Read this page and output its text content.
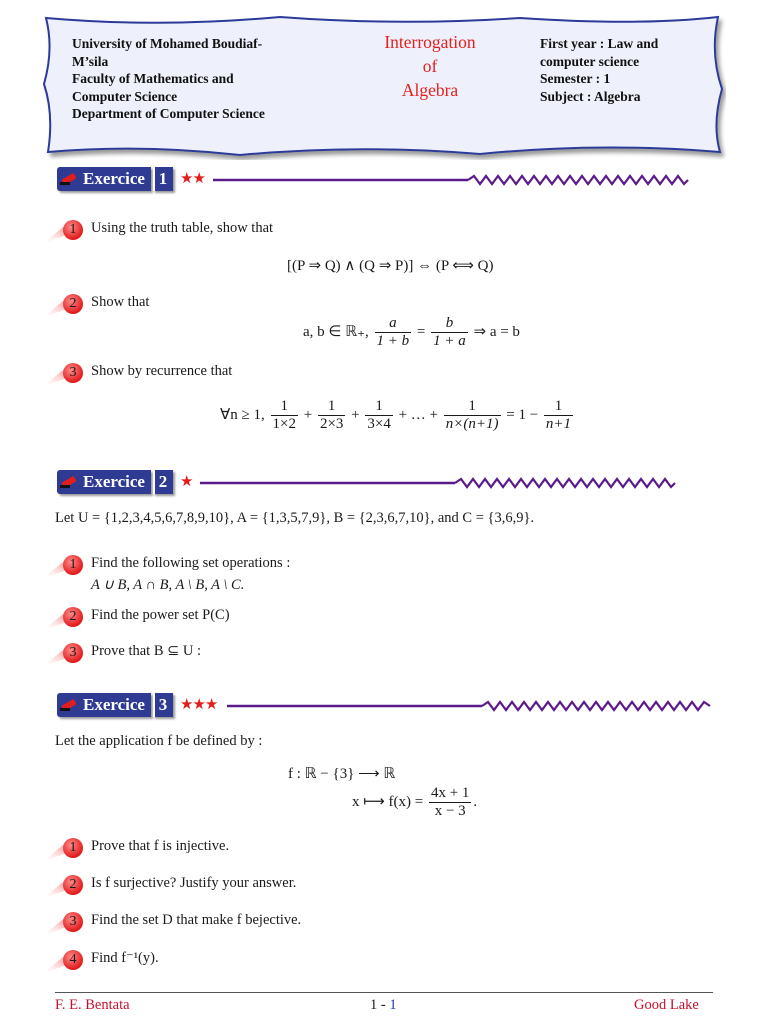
University of Mohamed Boudiaf-
M’sila
Faculty of Mathematics and
Computer Science
Department of Computer Science
Interrogation
of
Algebra
First year : Law and
computer science
Semester : 1
Subject : Algebra
Exercice 1 ★★
1	Using the truth table, show that
[(P ⇒ Q) ∧ (Q ⇒ P)] ⇔ (P ⟺ Q)
2	Show that
a, b ∈ ℝ₊, $\frac{a}{1 + b} = \frac{b}{1 + a}$ ⇒ a = b
3	Show by recurrence that
∀n ≥ 1, $\frac{1}{1\times 2} + \frac{1}{2\times 3} + \frac{1}{3\times 4}$ + … + $\frac{1}{n\times(n+1)} = 1 - \frac{1}{n+1}$
Exercice 2 ★
Let U = {1,2,3,4,5,6,7,8,9,10}, A = {1,3,5,7,9}, B = {2,3,6,7,10}, and C = {3,6,9}.
1	Find the following set operations :
A ∪ B, A ∩ B, A \ B, A \ C.
2	Find the power set P(C)
3	Prove that B ⊆ U :
Exercice 3 ★★★
Let the application f be defined by :
f : ℝ − {3} ⟶ ℝ
x ⟼ $f(x) = \frac{4x + 1}{x - 3}$ .
1	Prove that f is injective.
2	Is f surjective? Justify your answer.
3	Find the set D that make f bejective.
4	Find f⁻¹(y).
F. E. Bentata	1 - 1	Good Lake
